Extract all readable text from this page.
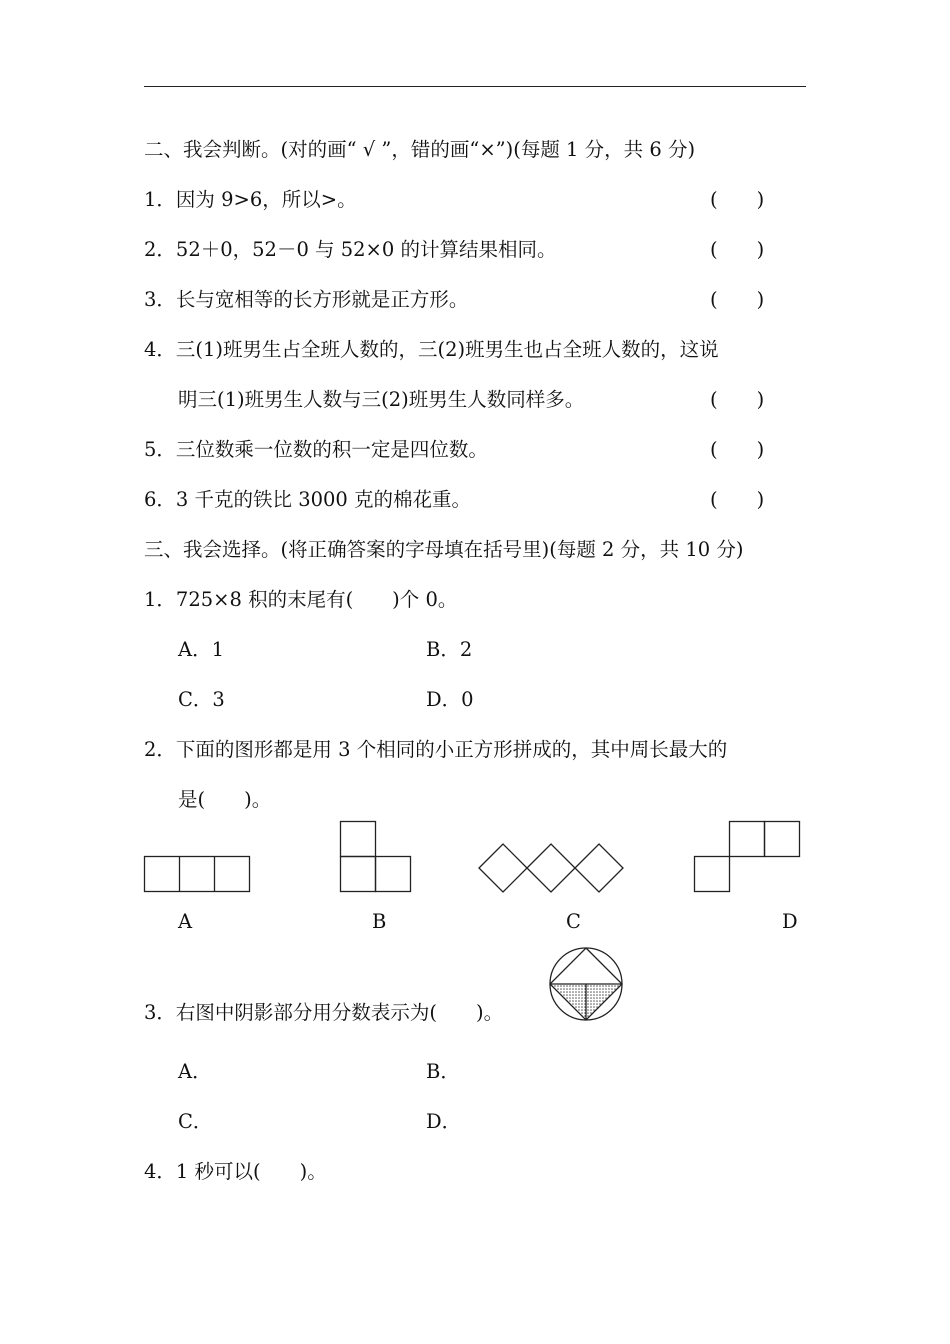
二、我会判断。(对的画“ √ ”，错的画“×”)(每题 1 分，共 6 分)
1．因为 9>6，所以>。	(　　)
2．52＋0，52－0 与 52×0 的计算结果相同。	(　　)
3．长与宽相等的长方形就是正方形。	(　　)
4．三(1)班男生占全班人数的，三(2)班男生也占全班人数的，这说
明三(1)班男生人数与三(2)班男生人数同样多。	(　　)
5．三位数乘一位数的积一定是四位数。	(　　)
6．3 千克的铁比 3000 克的棉花重。	(　　)
三、我会选择。(将正确答案的字母填在括号里)(每题 2 分，共 10 分)
1．725×8 积的末尾有(　　)个 0。
A．1	B．2
C．3	D．0
2．下面的图形都是用 3 个相同的小正方形拼成的，其中周长最大的
是(　　)。
A	B	C	D
3．右图中阴影部分用分数表示为(　　)。
A．	B．
C．	D．
4．1 秒可以(　　)。
